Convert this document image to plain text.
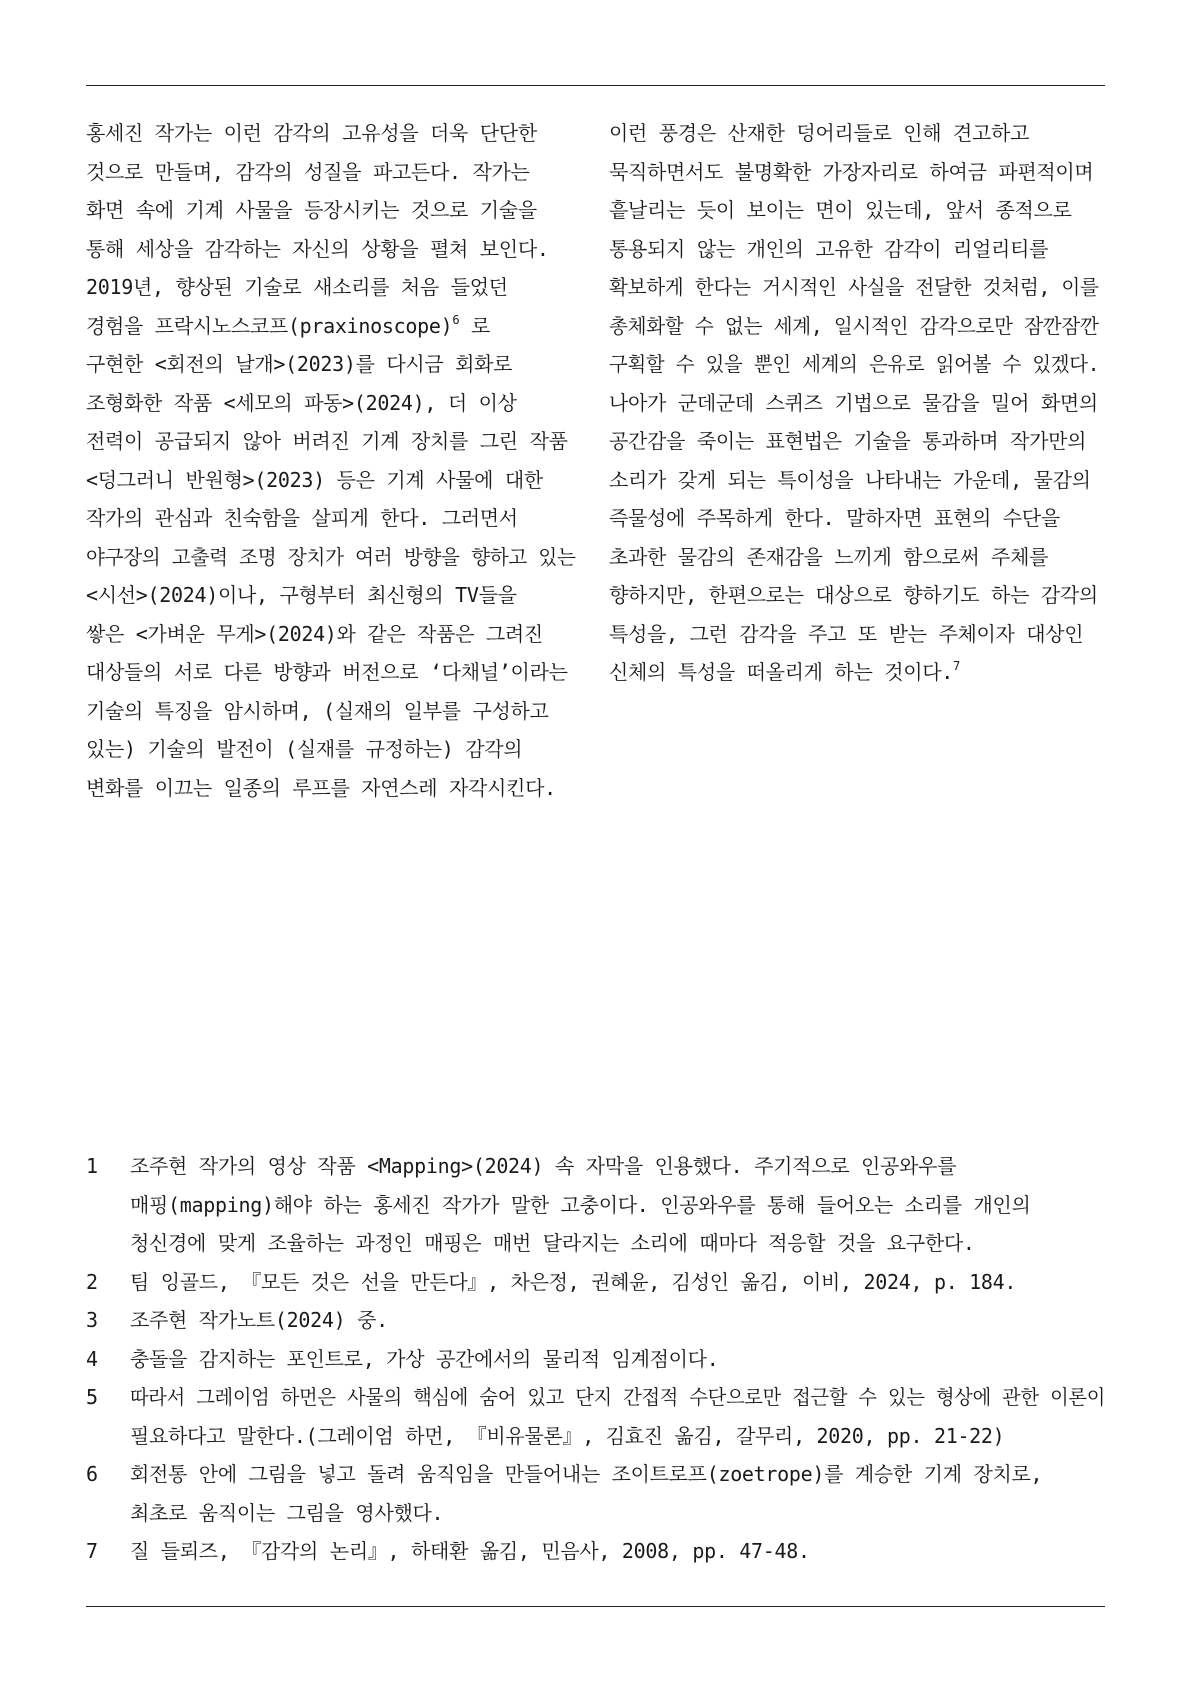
홍세진 작가는 이런 감각의 고유성을 더욱 단단한
것으로 만들며, 감각의 성질을 파고든다. 작가는
화면 속에 기계 사물을 등장시키는 것으로 기술을
통해 세상을 감각하는 자신의 상황을 펼쳐 보인다.
2019년, 향상된 기술로 새소리를 처음 들었던
경험을 프락시노스코프(praxinoscope)$^6$ 로
구현한 <회전의 날개>(2023)를 다시금 회화로
조형화한 작품 <세모의 파동>(2024), 더 이상
전력이 공급되지 않아 버려진 기계 장치를 그린 작품
<덩그러니 반원형>(2023) 등은 기계 사물에 대한
작가의 관심과 친숙함을 살피게 한다. 그러면서
야구장의 고출력 조명 장치가 여러 방향을 향하고 있는
<시선>(2024)이나, 구형부터 최신형의 TV들을
쌓은 <가벼운 무게>(2024)와 같은 작품은 그려진
대상들의 서로 다른 방향과 버전으로 ‘다채널’이라는
기술의 특징을 암시하며, (실재의 일부를 구성하고
있는) 기술의 발전이 (실재를 규정하는) 감각의
변화를 이끄는 일종의 루프를 자연스레 자각시킨다.
이런 풍경은 산재한 덩어리들로 인해 견고하고
묵직하면서도 불명확한 가장자리로 하여금 파편적이며
흩날리는 듯이 보이는 면이 있는데, 앞서 종적으로
통용되지 않는 개인의 고유한 감각이 리얼리티를
확보하게 한다는 거시적인 사실을 전달한 것처럼, 이를
총체화할 수 없는 세계, 일시적인 감각으로만 잠깐잠깐
구획할 수 있을 뿐인 세계의 은유로 읽어볼 수 있겠다.
나아가 군데군데 스퀴즈 기법으로 물감을 밀어 화면의
공간감을 죽이는 표현법은 기술을 통과하며 작가만의
소리가 갖게 되는 특이성을 나타내는 가운데, 물감의
즉물성에 주목하게 한다. 말하자면 표현의 수단을
초과한 물감의 존재감을 느끼게 함으로써 주체를
향하지만, 한편으로는 대상으로 향하기도 하는 감각의
특성을, 그런 감각을 주고 또 받는 주체이자 대상인
신체의 특성을 떠올리게 하는 것이다.$^7$
1 조주현 작가의 영상 작품 <Mapping>(2024) 속 자막을 인용했다. 주기적으로 인공와우를
매핑(mapping)해야 하는 홍세진 작가가 말한 고충이다. 인공와우를 통해 들어오는 소리를 개인의
청신경에 맞게 조율하는 과정인 매핑은 매번 달라지는 소리에 때마다 적응할 것을 요구한다.
2 팀 잉골드, 『모든 것은 선을 만든다』, 차은정, 권혜윤, 김성인 옮김, 이비, 2024, p. 184.
3 조주현 작가노트(2024) 중.
4 충돌을 감지하는 포인트로, 가상 공간에서의 물리적 임계점이다.
5 따라서 그레이엄 하먼은 사물의 핵심에 숨어 있고 단지 간접적 수단으로만 접근할 수 있는 형상에 관한 이론이
필요하다고 말한다.(그레이엄 하먼, 『비유물론』, 김효진 옮김, 갈무리, 2020, pp. 21-22)
6 회전통 안에 그림을 넣고 돌려 움직임을 만들어내는 조이트로프(zoetrope)를 계승한 기계 장치로,
최초로 움직이는 그림을 영사했다.
7 질 들뢰즈, 『감각의 논리』, 하태환 옮김, 민음사, 2008, pp. 47-48.
